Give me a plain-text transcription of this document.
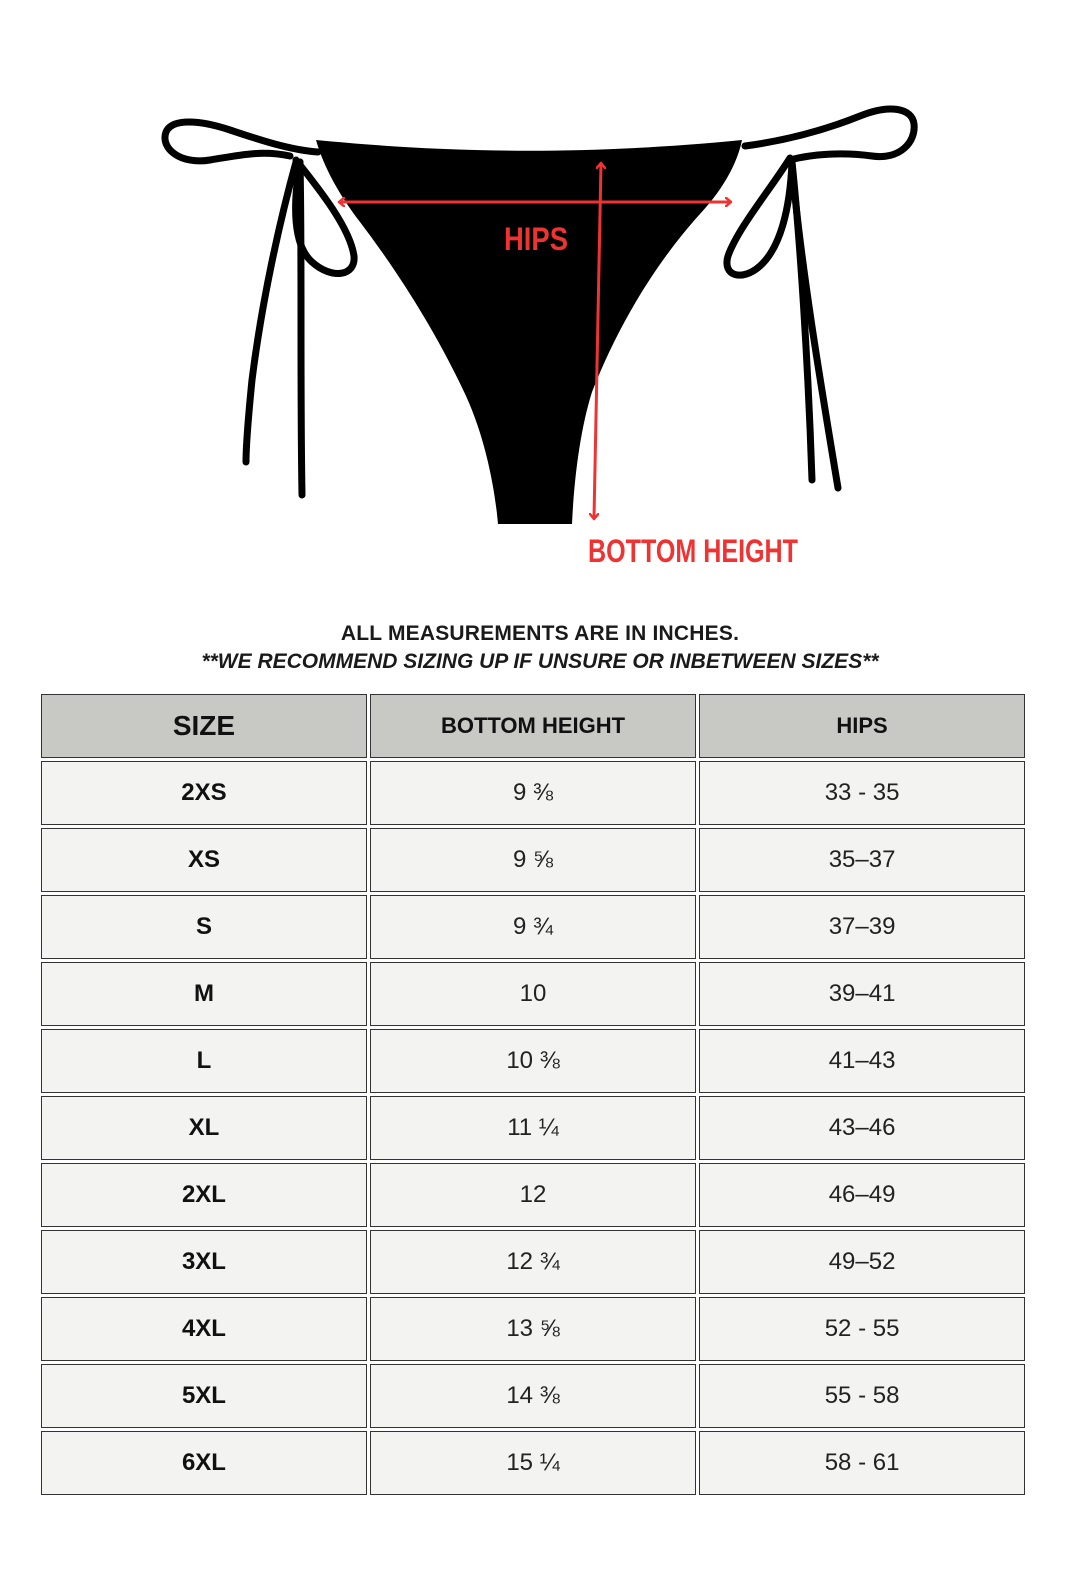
HIPS
BOTTOM HEIGHT
ALL MEASUREMENTS ARE IN INCHES.
**WE RECOMMEND SIZING UP IF UNSURE OR INBETWEEN SIZES**
SIZE	BOTTOM HEIGHT	HIPS
2XS	9 ⅜	33 - 35
XS	9 ⅝	35–37
S	9 ¾	37–39
M	10	39–41
L	10 ⅜	41–43
XL	11 ¼	43–46
2XL	12	46–49
3XL	12 ¾	49–52
4XL	13 ⅝	52 - 55
5XL	14 ⅜	55 - 58
6XL	15 ¼	58 - 61
